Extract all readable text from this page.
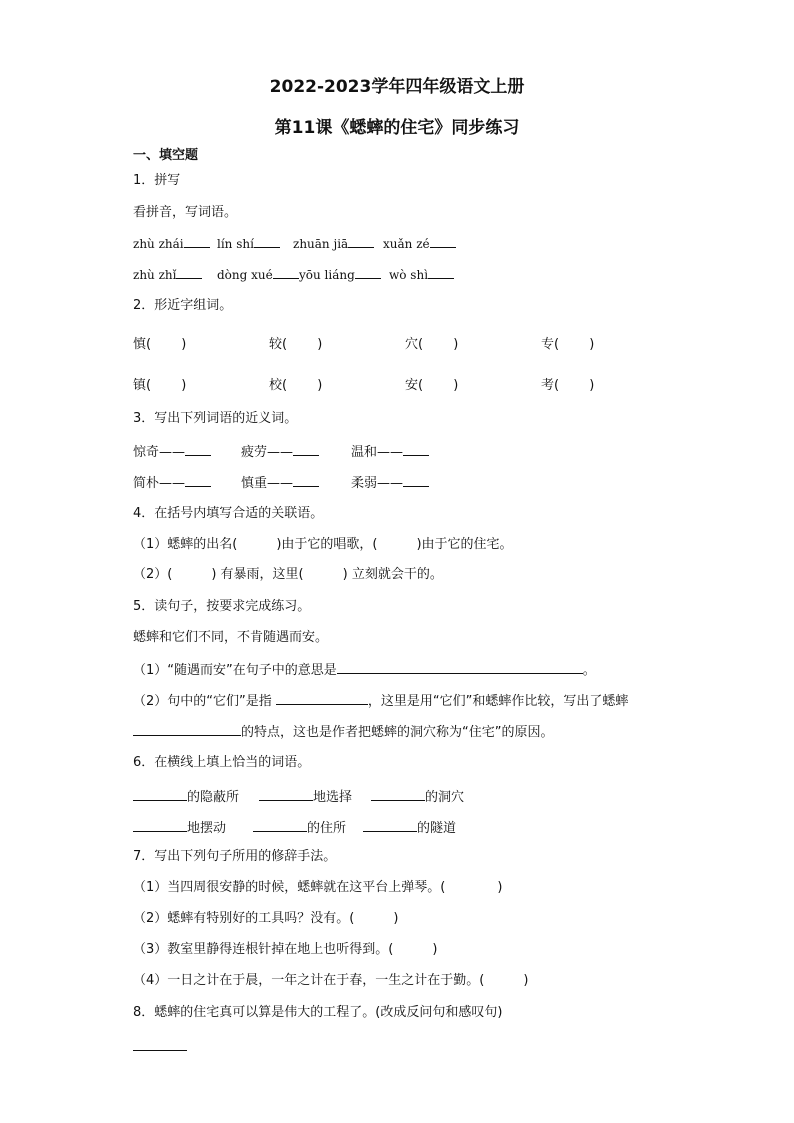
2022-2023学年四年级语文上册
第11课《蟋蟀的住宅》同步练习
一、填空题
1．拼写
看拼音，写词语。
zhù zhái	lín shí	zhuān jiā	xuǎn zé
zhù zhǐ	dòng xué	yōu liáng	wò shì
2．形近字组词。
慎(　　 )	较(　　 )	穴(　　 )	专(　　 )
镇(　　 )	校(　　 )	安(　　 )	考(　　 )
3．写出下列词语的近义词。
惊奇——	疲劳——	温和——
简朴——	慎重——	柔弱——
4．在括号内填写合适的关联语。
（1）蟋蟀的出名(　　　)由于它的唱歌，(　　　)由于它的住宅。
（2）(　　　) 有暴雨，这里(　　　) 立刻就会干的。
5．读句子，按要求完成练习。
蟋蟀和它们不同，不肯随遇而安。
（1）“随遇而安”在句子中的意思是	。
（2）句中的“它们”是指	，这里是用“它们”和蟋蟀作比较，写出了蟋蟀
的特点，这也是作者把蟋蟀的洞穴称为“住宅”的原因。
6．在横线上填上恰当的词语。
的隐蔽所	地选择	的洞穴
地摆动	的住所	的隧道
7．写出下列句子所用的修辞手法。
（1）当四周很安静的时候，蟋蟀就在这平台上弹琴。(　　　　)
（2）蟋蟀有特别好的工具吗？没有。(　　　)
（3）教室里静得连根针掉在地上也听得到。(　　　)
（4）一日之计在于晨，一年之计在于春，一生之计在于勤。(　　　)
8．蟋蟀的住宅真可以算是伟大的工程了。(改成反问句和感叹句)
